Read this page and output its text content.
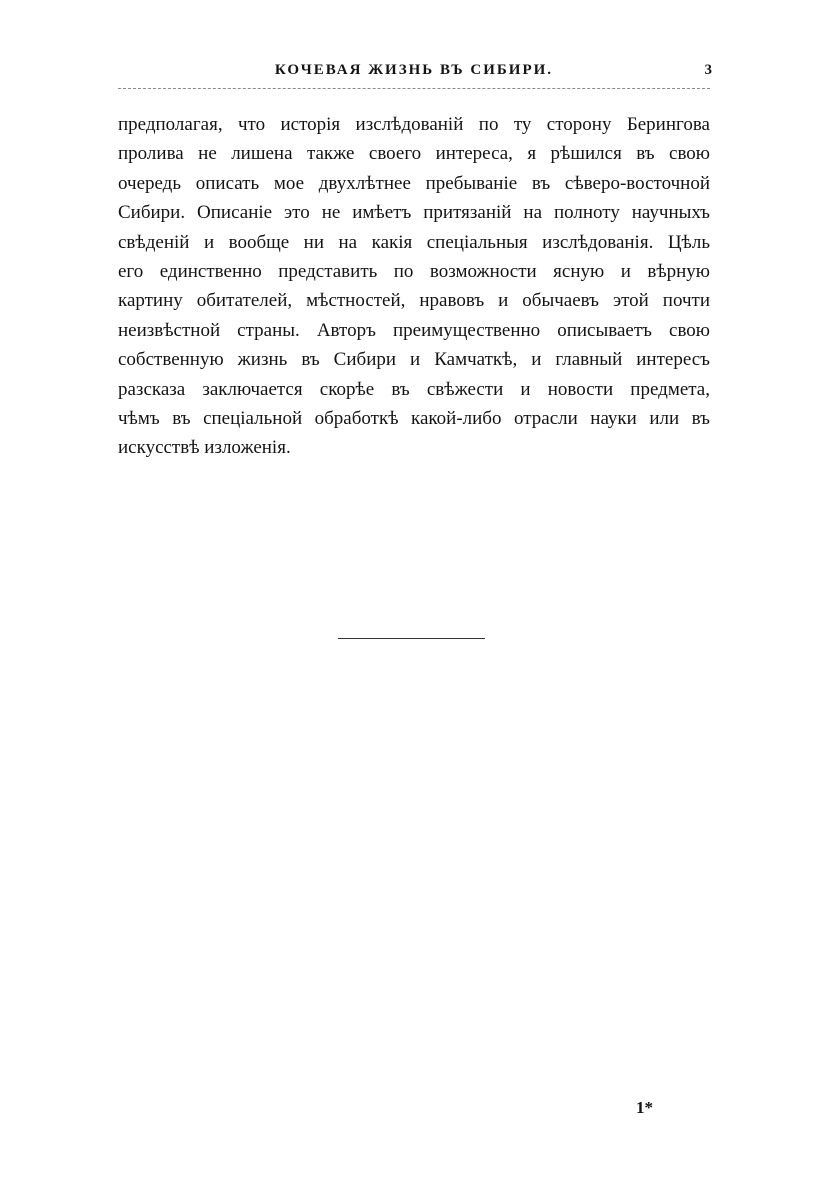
КОЧЕВАЯ ЖИЗНЬ ВЪ СИБИРИ.	3
предполагая, что исторія изслѣдованій по ту сторону Берингова
пролива не лишена также своего интереса, я рѣшился въ свою
очередь описать мое двухлѣтнее пребываніе въ сѣверо-восточной
Сибири. Описаніе это не имѣетъ притязаній на полноту научныхъ
свѣденій и вообще ни на какія спеціальныя изслѣдованія. Цѣль
его единственно представить по возможности ясную и вѣрную
картину обитателей, мѣстностей, нравовъ и обычаевъ этой почти
неизвѣстной страны. Авторъ преимущественно описываетъ свою
собственную жизнь въ Сибири и Камчаткѣ, и главный интересъ
разсказа заключается скорѣе въ свѣжести и новости предмета,
чѣмъ въ спеціальной обработкѣ какой-либо отрасли науки или въ
искусствѣ изложенія.
1*
